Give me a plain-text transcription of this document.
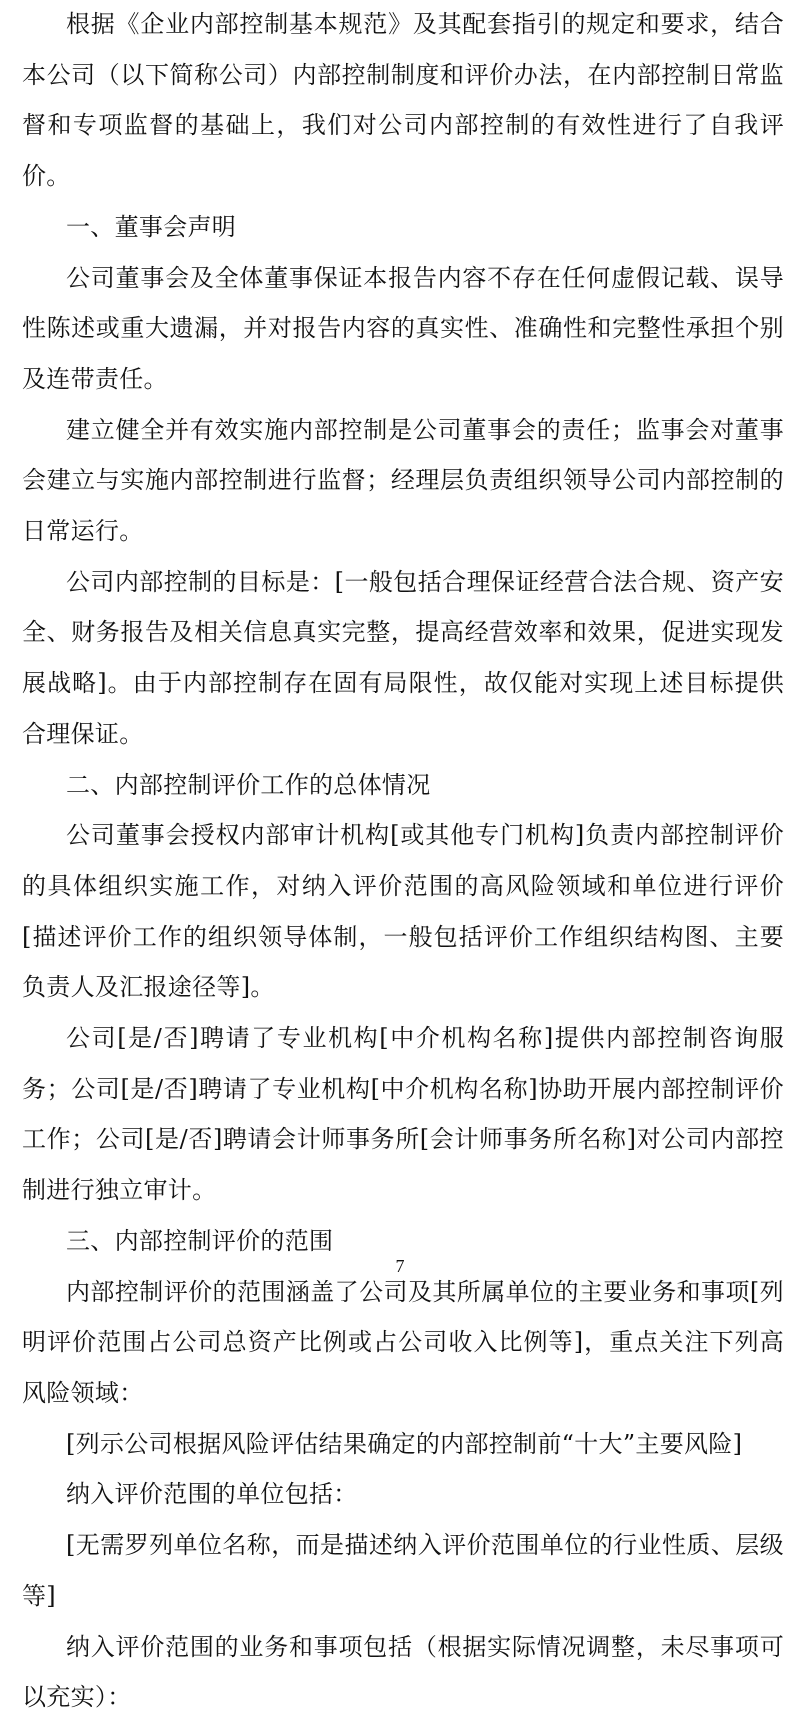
根据《企业内部控制基本规范》及其配套指引的规定和要求，结合本公司（以下简称公司）内部控制制度和评价办法，在内部控制日常监督和专项监督的基础上，我们对公司内部控制的有效性进行了自我评价。

一、董事会声明

公司董事会及全体董事保证本报告内容不存在任何虚假记载、误导性陈述或重大遗漏，并对报告内容的真实性、准确性和完整性承担个别及连带责任。

建立健全并有效实施内部控制是公司董事会的责任；监事会对董事会建立与实施内部控制进行监督；经理层负责组织领导公司内部控制的日常运行。

公司内部控制的目标是：[一般包括合理保证经营合法合规、资产安全、财务报告及相关信息真实完整，提高经营效率和效果，促进实现发展战略]。由于内部控制存在固有局限性，故仅能对实现上述目标提供合理保证。

二、内部控制评价工作的总体情况

公司董事会授权内部审计机构[或其他专门机构]负责内部控制评价的具体组织实施工作，对纳入评价范围的高风险领域和单位进行评价[描述评价工作的组织领导体制，一般包括评价工作组织结构图、主要负责人及汇报途径等]。

公司[是/否]聘请了专业机构[中介机构名称]提供内部控制咨询服务；公司[是/否]聘请了专业机构[中介机构名称]协助开展内部控制评价工作；公司[是/否]聘请会计师事务所[会计师事务所名称]对公司内部控制进行独立审计。

三、内部控制评价的范围

内部控制评价的范围涵盖了公司及其所属单位的主要业务和事项[列明评价范围占公司总资产比例或占公司收入比例等]，重点关注下列高风险领域：

[列示公司根据风险评估结果确定的内部控制前“十大”主要风险]

纳入评价范围的单位包括：

[无需罗列单位名称，而是描述纳入评价范围单位的行业性质、层级等]

纳入评价范围的业务和事项包括（根据实际情况调整，未尽事项可以充实）：

7
